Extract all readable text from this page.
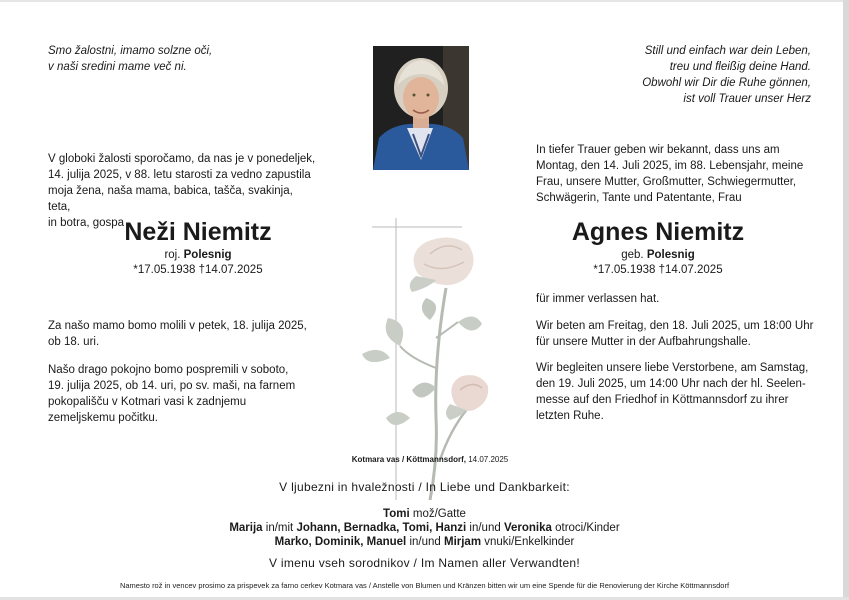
Smo žalostni, imamo solzne oči,
v naši sredini mame več ni.
Still und einfach war dein Leben,
treu und fleißig deine Hand.
Obwohl wir Dir die Ruhe gönnen,
ist voll Trauer unser Herz
V globoki žalosti sporočamo, da nas je v ponedeljek,
14. julija 2025, v 88. letu starosti za vedno zapustila
moja žena, naša mama, babica, tašča, svakinja, teta,
in botra, gospa
In tiefer Trauer geben wir bekannt, dass uns am
Montag, den 14. Juli 2025, im 88. Lebensjahr, meine
Frau, unsere Mutter, Großmutter, Schwiegermutter,
Schwägerin, Tante und Patentante, Frau
Neži Niemitz
roj. Polesnig
*17.05.1938 †14.07.2025
Agnes Niemitz
geb. Polesnig
*17.05.1938 †14.07.2025
für immer verlassen hat.
Za našo mamo bomo molili v petek, 18. julija 2025,
ob 18. uri.
Našo drago pokojno bomo pospremili v soboto,
19. julija 2025, ob 14. uri, po sv. maši, na farnem
pokopališču v Kotmari vasi k zadnjemu
zemeljskemu počitku.
Wir beten am Freitag, den 18. Juli 2025, um 18:00 Uhr
für unsere Mutter in der Aufbahrungshalle.
Wir begleiten unsere liebe Verstorbene, am Samstag,
den 19. Juli 2025, um 14:00 Uhr nach der hl. Seelen-
messe auf den Friedhof in Köttmannsdorf zu ihrer
letzten Ruhe.
Kotmara vas / Köttmannsdorf, 14.07.2025
V ljubezni in hvaležnosti / In Liebe und Dankbarkeit:
Tomi mož/Gatte
Marija in/mit Johann, Bernadka, Tomi, Hanzi in/und Veronika otroci/Kinder
Marko, Dominik, Manuel in/und Mirjam vnuki/Enkelkinder
V imenu vseh sorodnikov / Im Namen aller Verwandten!
Namesto rož in vencev prosimo za prispevek za farno cerkev Kotmara vas / Anstelle von Blumen und Kränzen bitten wir um eine Spende für die Renovierung der Kirche Köttmannsdorf
